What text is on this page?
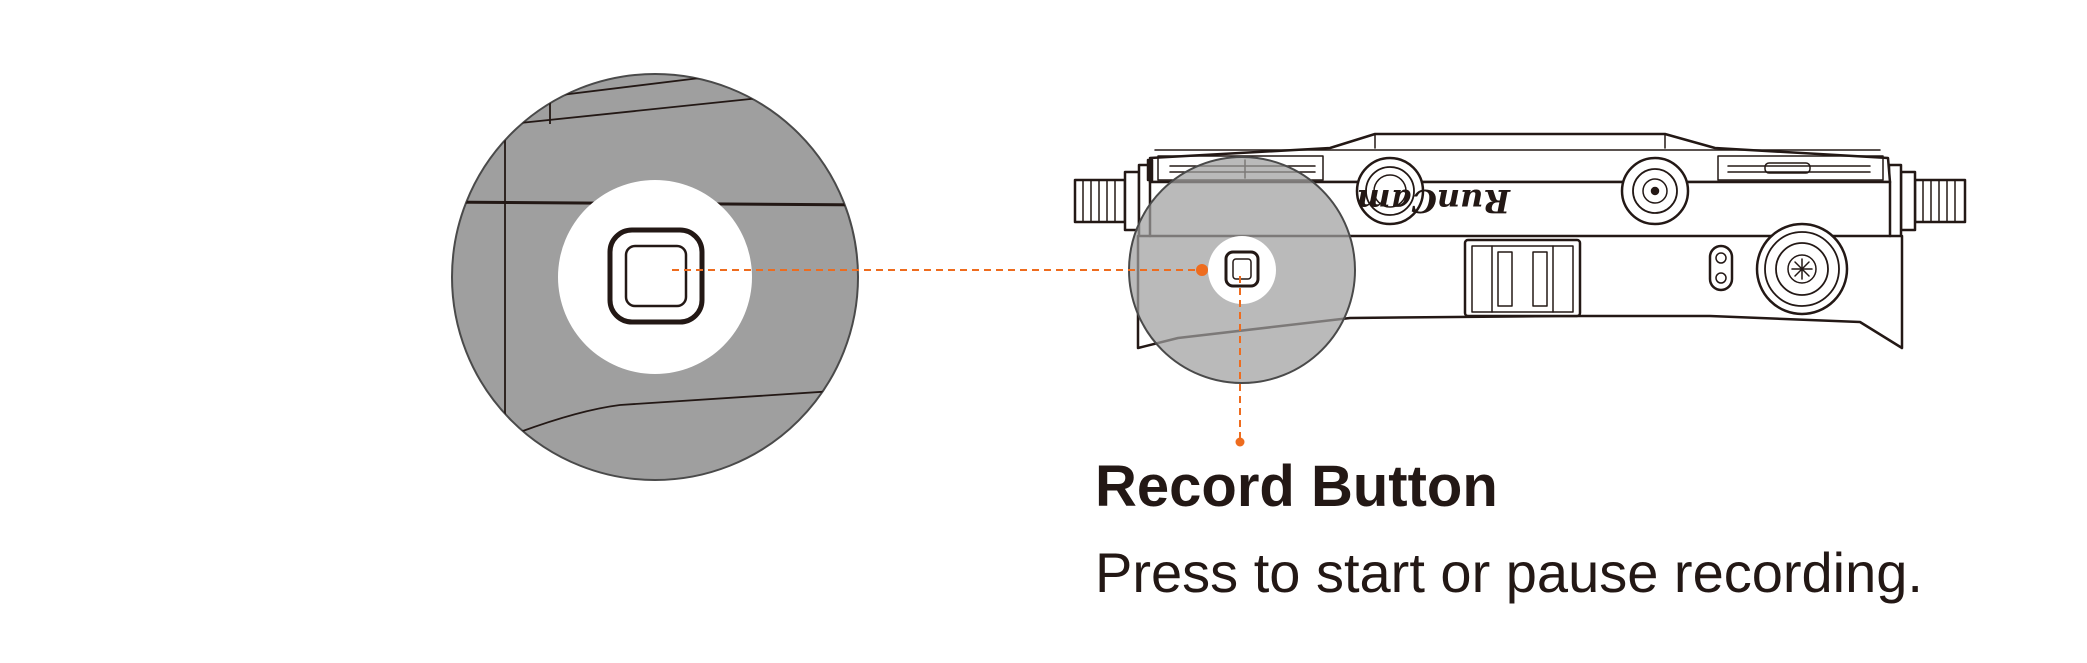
RunCam
Record Button
Press to start or pause recording.
